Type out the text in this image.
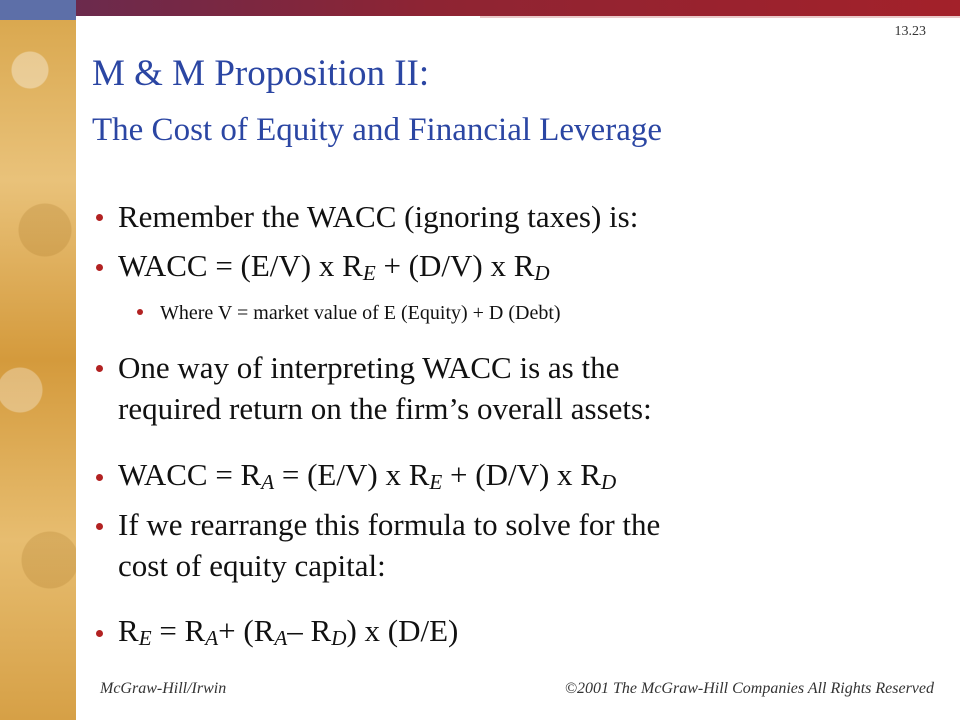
13.23
M & M Proposition II:
The Cost of Equity and Financial Leverage
Remember the WACC (ignoring taxes) is:
WACC = (E/V) x $R_E + (D/V)$ x $R_D$
Where V = market value of E (Equity) + D (Debt)
One way of interpreting WACC is as the
required return on the firm’s overall assets:
WACC = $R_A = (E/V)$ x $R_E + (D/V)$ x $R_D$
If we rearrange this formula to solve for the
cost of equity capital:
$R_E = R_A+ (R_A-$ $R_D$) x (D/E)
McGraw-Hill/Irwin	©2001 The McGraw-Hill Companies All Rights Reserved
